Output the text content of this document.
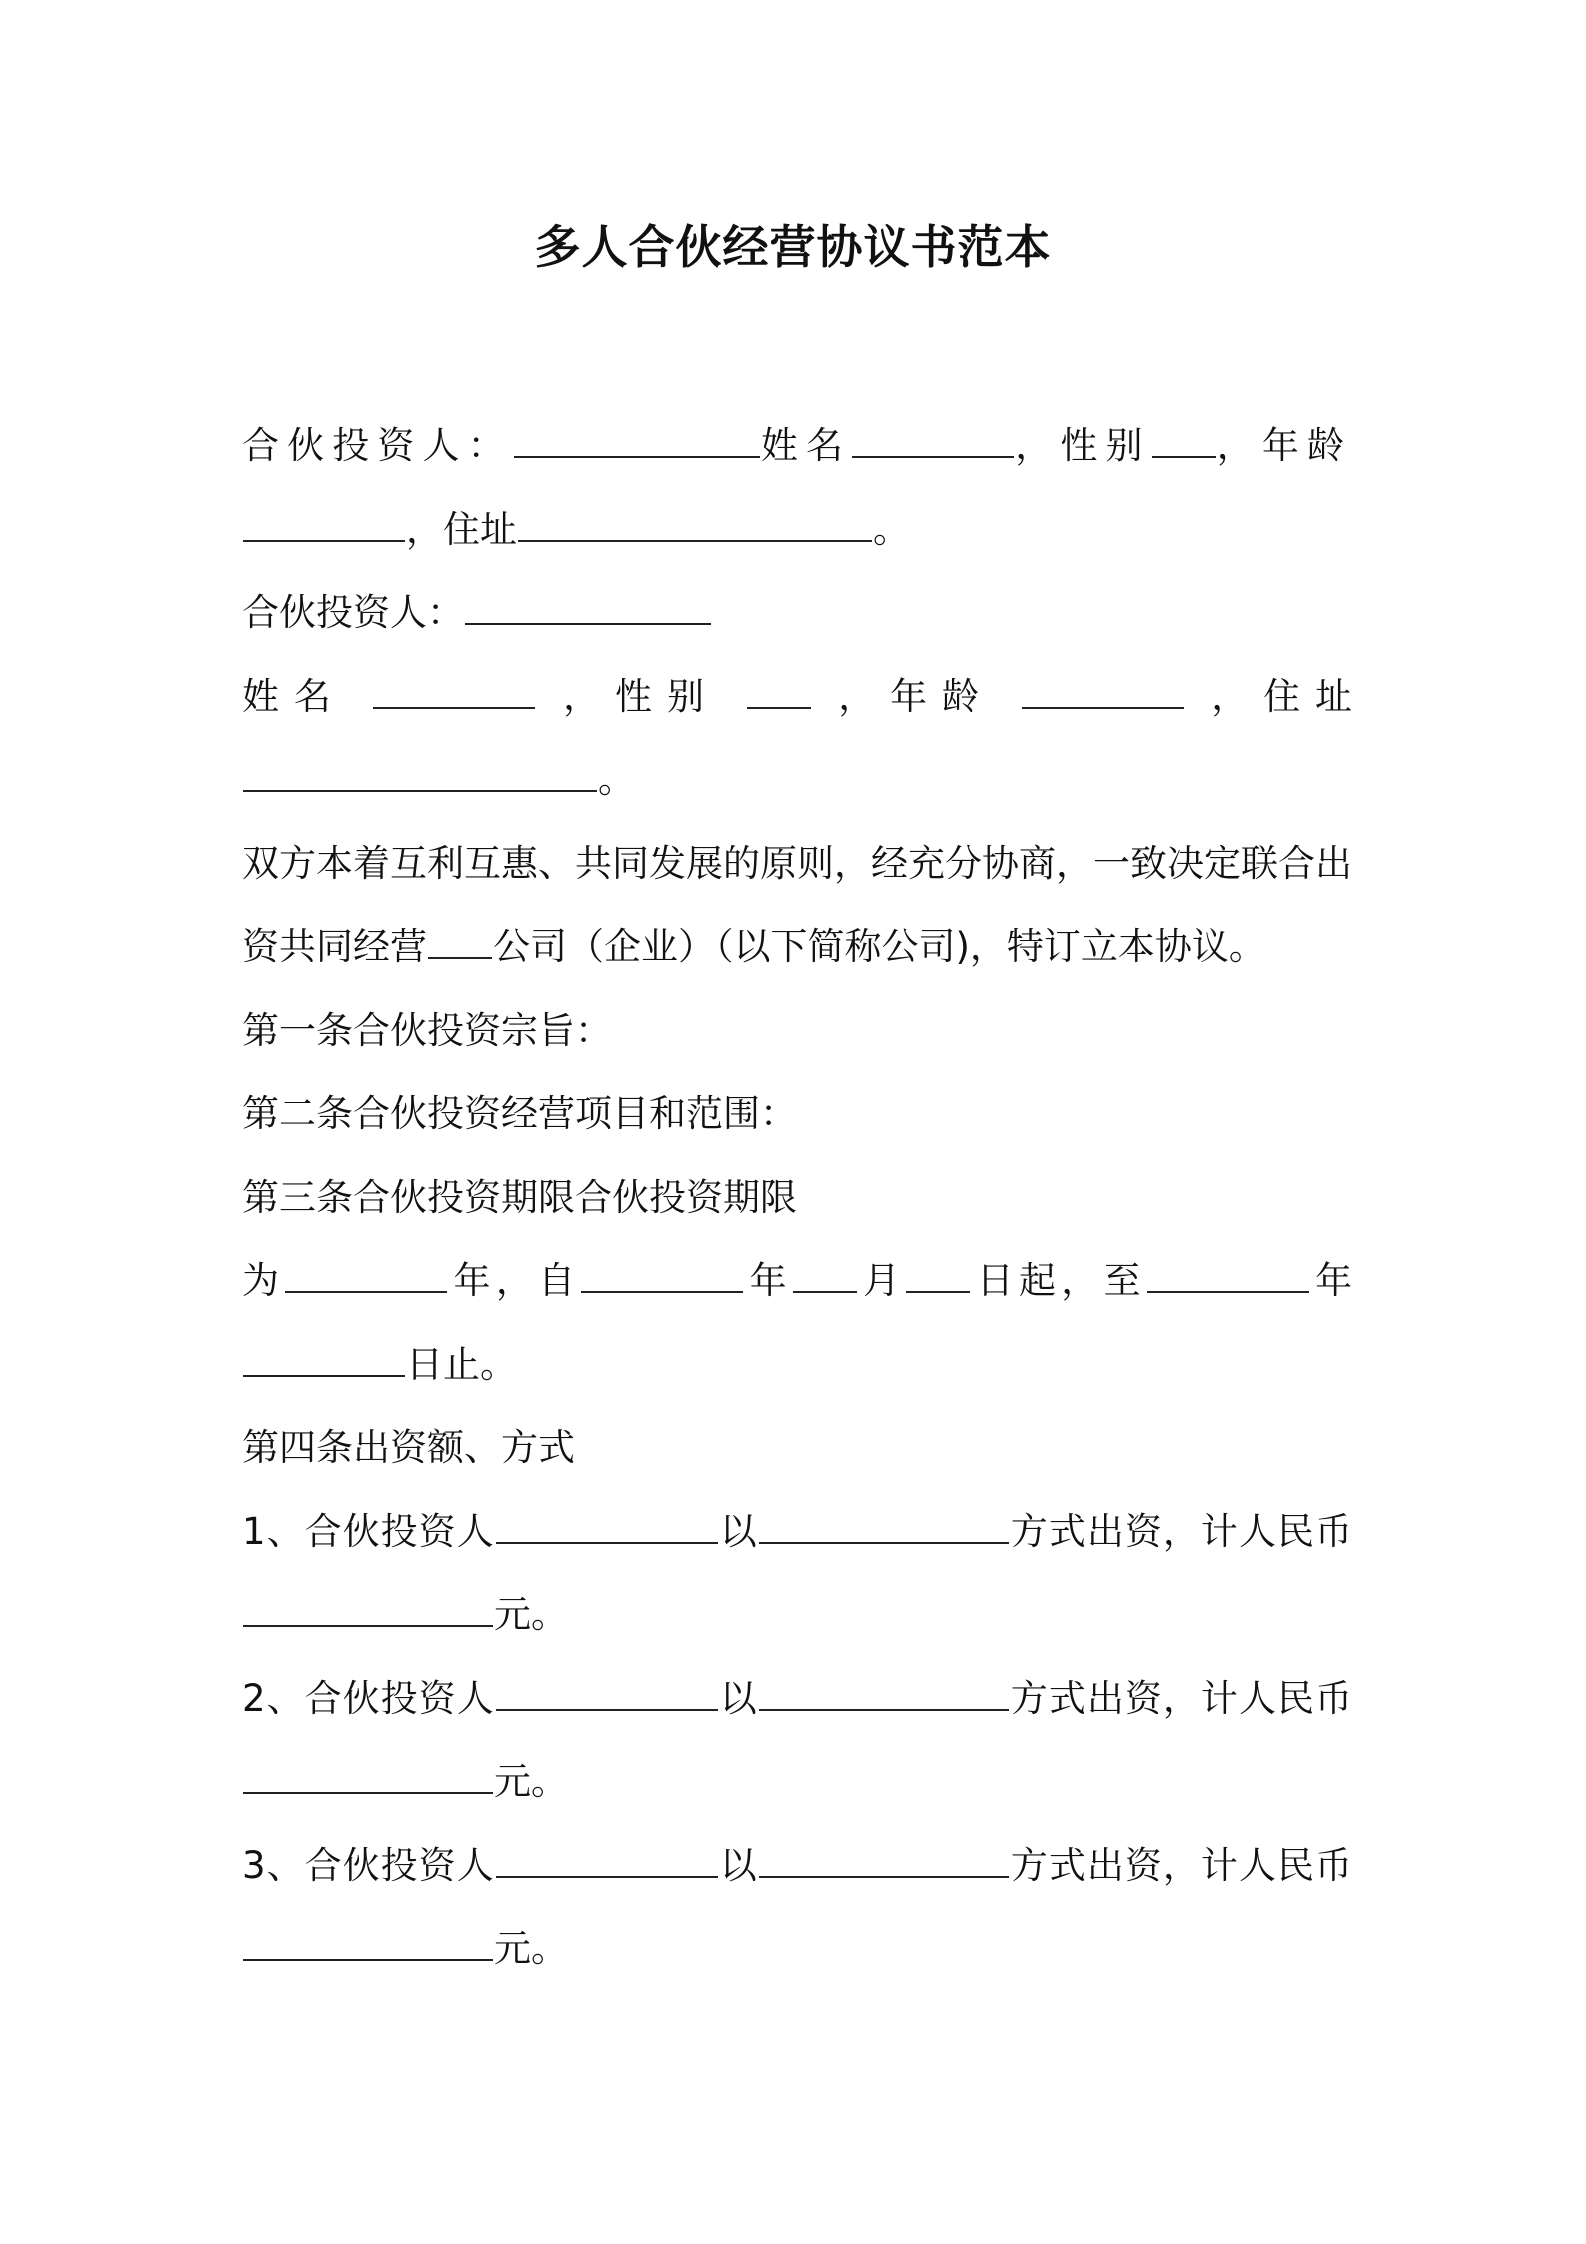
多人合伙经营协议书范本
合伙投资人：	姓名	，性别 ，年龄
，住址	。
合伙投资人：
姓名	，性别	，年龄	，住址
。
双方本着互利互惠、共同发展的原则，经充分协商，一致决定联合出
资共同经营 公司（企业）（以下简称公司)，特订立本协议。
第一条合伙投资宗旨：
第二条合伙投资经营项目和范围：
第三条合伙投资期限合伙投资期限
为	年，自	年 月 日起，至	年
日止。
第四条出资额、方式
1、合伙投资人	以	方式出资，计人民币
元。
2、合伙投资人	以	方式出资，计人民币
元。
3、合伙投资人	以	方式出资，计人民币
元。
